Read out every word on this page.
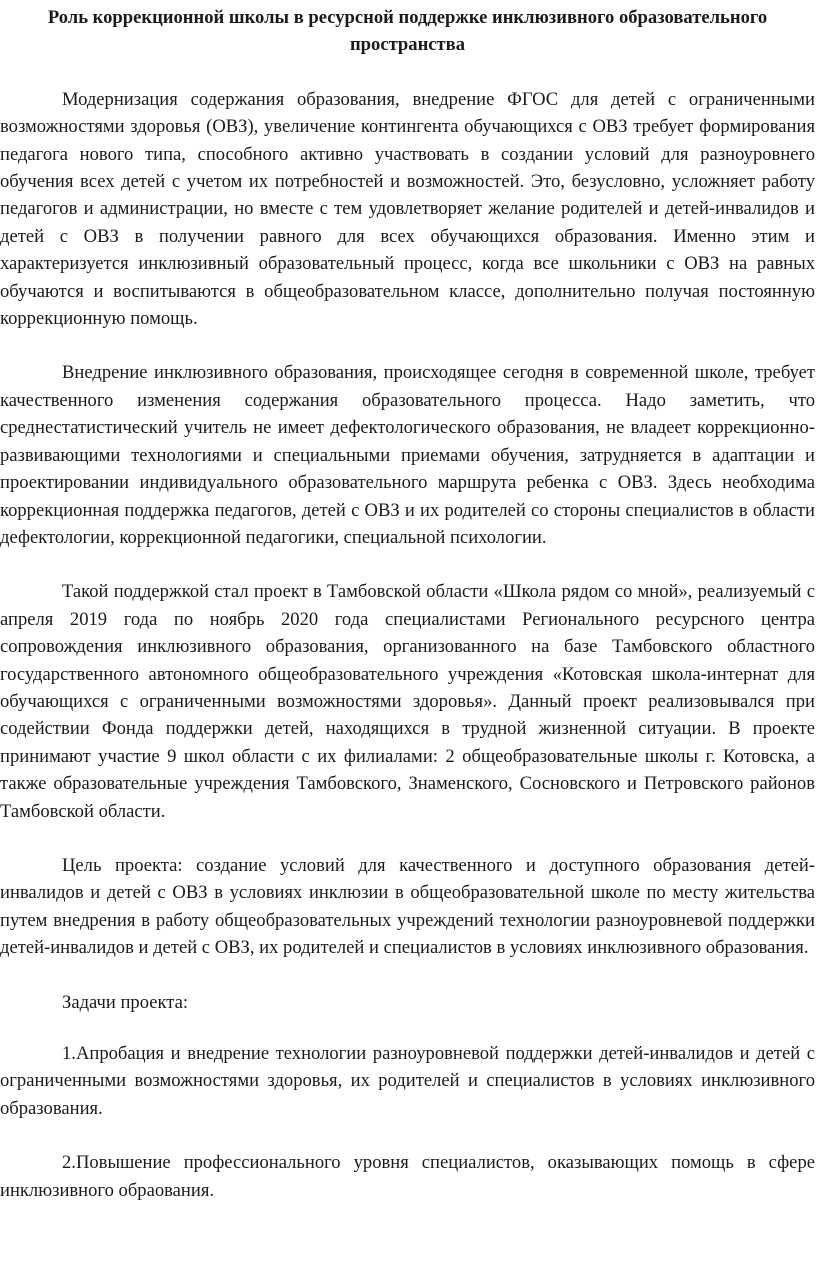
Роль коррекционной школы в ресурсной поддержке инклюзивного образовательного пространства

Модернизация содержания образования, внедрение ФГОС для детей с ограниченными возможностями здоровья (ОВЗ), увеличение контингента обучающихся с ОВЗ требует формирования педагога нового типа, способного активно участвовать в создании условий для разноуровнего обучения всех детей с учетом их потребностей и возможностей. Это, безусловно, усложняет работу педагогов и администрации, но вместе с тем удовлетворяет желание родителей и детей-инвалидов и детей с ОВЗ в получении равного для всех обучающихся образования. Именно этим и характеризуется инклюзивный образовательный процесс, когда все школьники с ОВЗ на равных обучаются и воспитываются в общеобразовательном классе, дополнительно получая постоянную коррекционную помощь.

Внедрение инклюзивного образования, происходящее сегодня в современной школе, требует качественного изменения содержания образовательного процесса. Надо заметить, что среднестатистический учитель не имеет дефектологического образования, не владеет коррекционно-развивающими технологиями и специальными приемами обучения, затрудняется в адаптации и проектировании индивидуального образовательного маршрута ребенка с ОВЗ. Здесь необходима коррекционная поддержка педагогов, детей с ОВЗ и их родителей со стороны специалистов в области дефектологии, коррекционной педагогики, специальной психологии.

Такой поддержкой стал проект в Тамбовской области «Школа рядом со мной», реализуемый с апреля 2019 года по ноябрь 2020 года специалистами Регионального ресурсного центра сопровождения инклюзивного образования, организованного на базе Тамбовского областного государственного автономного общеобразовательного учреждения «Котовская школа-интернат для обучающихся с ограниченными возможностями здоровья». Данный проект реализовывался при содействии Фонда поддержки детей, находящихся в трудной жизненной ситуации. В проекте принимают участие 9 школ области с их филиалами: 2 общеобразовательные школы г. Котовска, а также образовательные учреждения Тамбовского, Знаменского, Сосновского и Петровского районов Тамбовской области.

Цель проекта: создание условий для качественного и доступного образования детей-инвалидов и детей с ОВЗ в условиях инклюзии в общеобразовательной школе по месту жительства путем внедрения в работу общеобразовательных учреждений технологии разноуровневой поддержки детей-инвалидов и детей с ОВЗ, их родителей и специалистов в условиях инклюзивного образования.

Задачи проекта:

1.Апробация и внедрение технологии разноуровневой поддержки детей-инвалидов и детей с ограниченными возможностями здоровья, их родителей и специалистов в условиях инклюзивного образования.

2.Повышение профессионального уровня специалистов, оказывающих помощь в сфере инклюзивного обраования.
